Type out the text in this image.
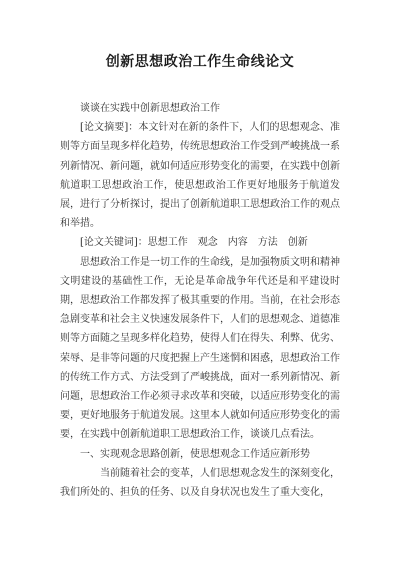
创新思想政治工作生命线论文

谈谈在实践中创新思想政治工作

[论文摘要]：本文针对在新的条件下，人们的思想观念、准则等方面呈现多样化趋势，传统思想政治工作受到严峻挑战一系列新情况、新问题，就如何适应形势变化的需要，在实践中创新航道职工思想政治工作，使思想政治工作更好地服务于航道发展，进行了分析探讨，提出了创新航道职工思想政治工作的观点和举措。

[论文关键词]：思想工作　观念　内容　方法　创新

思想政治工作是一切工作的生命线，是加强物质文明和精神文明建设的基础性工作，无论是革命战争年代还是和平建设时期，思想政治工作都发挥了极其重要的作用。当前，在社会形态急剧变革和社会主义快速发展条件下，人们的思想观念、道德准则等方面随之呈现多样化趋势，使得人们在得失、利弊、优劣、荣辱、是非等问题的尺度把握上产生迷惘和困惑，思想政治工作的传统工作方式、方法受到了严峻挑战，面对一系列新情况、新问题，思想政治工作必须寻求改革和突破，以适应形势变化的需要，更好地服务于航道发展。这里本人就如何适应形势变化的需要，在实践中创新航道职工思想政治工作，谈谈几点看法。

一、实现观念思路创新，使思想观念工作适应新形势

当前随着社会的变革，人们思想观念发生的深刻变化，我们所处的、担负的任务、以及自身状况也发生了重大变化，
